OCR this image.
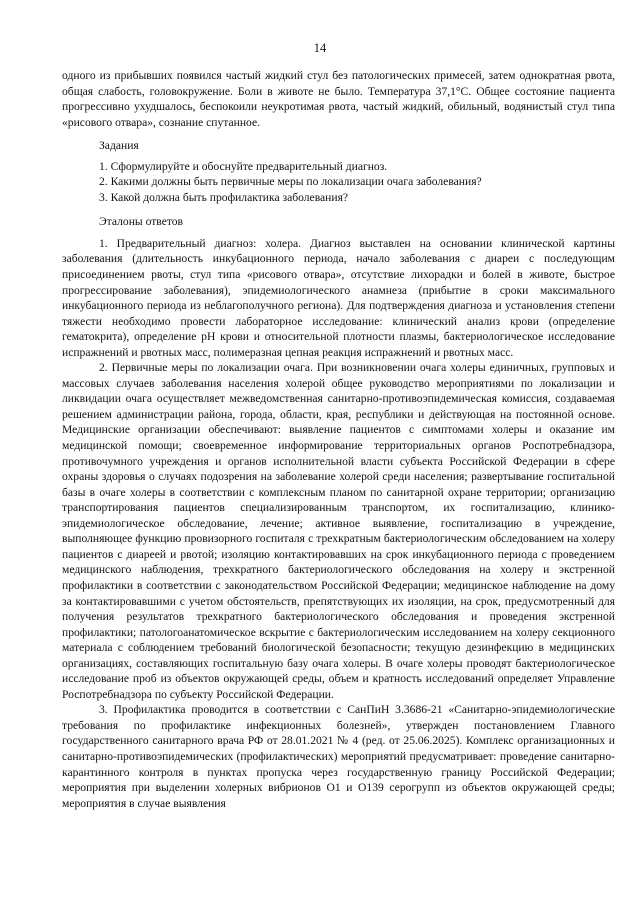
14

одного из прибывших появился частый жидкий стул без патологических примесей, затем однократная рвота, общая слабость, головокружение. Боли в животе не было. Температура 37,1°C. Общее состояние пациента прогрессивно ухудшалось, беспокоили неукротимая рвота, частый жидкий, обильный, водянистый стул типа «рисового отвара», сознание спутанное.

Задания

1. Сформулируйте и обоснуйте предварительный диагноз.

2. Какими должны быть первичные меры по локализации очага заболевания?

3. Какой должна быть профилактика заболевания?

Эталоны ответов

1. Предварительный диагноз: холера. Диагноз выставлен на основании клинической картины заболевания (длительность инкубационного периода, начало заболевания с диареи с последующим присоединением рвоты, стул типа «рисового отвара», отсутствие лихорадки и болей в животе, быстрое прогрессирование заболевания), эпидемиологического анамнеза (прибытие в сроки максимального инкубационного периода из неблагополучного региона). Для подтверждения диагноза и установления степени тяжести необходимо провести лабораторное исследование: клинический анализ крови (определение гематокрита), определение рН крови и относительной плотности плазмы, бактериологическое исследование испражнений и рвотных масс, полимеразная цепная реакция испражнений и рвотных масс.

2. Первичные меры по локализации очага. При возникновении очага холеры единичных, групповых и массовых случаев заболевания населения холерой общее руководство мероприятиями по локализации и ликвидации очага осуществляет межведомственная санитарно-противоэпидемическая комиссия, создаваемая решением администрации района, города, области, края, республики и действующая на постоянной основе. Медицинские организации обеспечивают: выявление пациентов с симптомами холеры и оказание им медицинской помощи; своевременное информирование территориальных органов Роспотребнадзора, противочумного учреждения и органов исполнительной власти субъекта Российской Федерации в сфере охраны здоровья о случаях подозрения на заболевание холерой среди населения; развертывание госпитальной базы в очаге холеры в соответствии с комплексным планом по санитарной охране территории; организацию транспортирования пациентов специализированным транспортом, их госпитализацию, клинико-эпидемиологическое обследование, лечение; активное выявление, госпитализацию в учреждение, выполняющее функцию провизорного госпиталя с трехкратным бактериологическим обследованием на холеру пациентов с диареей и рвотой; изоляцию контактировавших на срок инкубационного периода с проведением медицинского наблюдения, трехкратного бактериологического обследования на холеру и экстренной профилактики в соответствии с законодательством Российской Федерации; медицинское наблюдение на дому за контактировавшими с учетом обстоятельств, препятствующих их изоляции, на срок, предусмотренный для получения результатов трехкратного бактериологического обследования и проведения экстренной профилактики; патологоанатомическое вскрытие с бактериологическим исследованием на холеру секционного материала с соблюдением требований биологической безопасности; текущую дезинфекцию в медицинских организациях, составляющих госпитальную базу очага холеры. В очаге холеры проводят бактериологическое исследование проб из объектов окружающей среды, объем и кратность исследований определяет Управление Роспотребнадзора по субъекту Российской Федерации.

3. Профилактика проводится в соответствии с СанПиН 3.3686-21 «Санитарно-эпидемиологические требования по профилактике инфекционных болезней», утвержден постановлением Главного государственного санитарного врача РФ от 28.01.2021 № 4 (ред. от 25.06.2025). Комплекс организационных и санитарно-противоэпидемических (профилактических) мероприятий предусматривает: проведение санитарно-карантинного контроля в пунктах пропуска через государственную границу Российской Федерации; мероприятия при выделении холерных вибрионов О1 и О139 серогрупп из объектов окружающей среды; мероприятия в случае выявления
